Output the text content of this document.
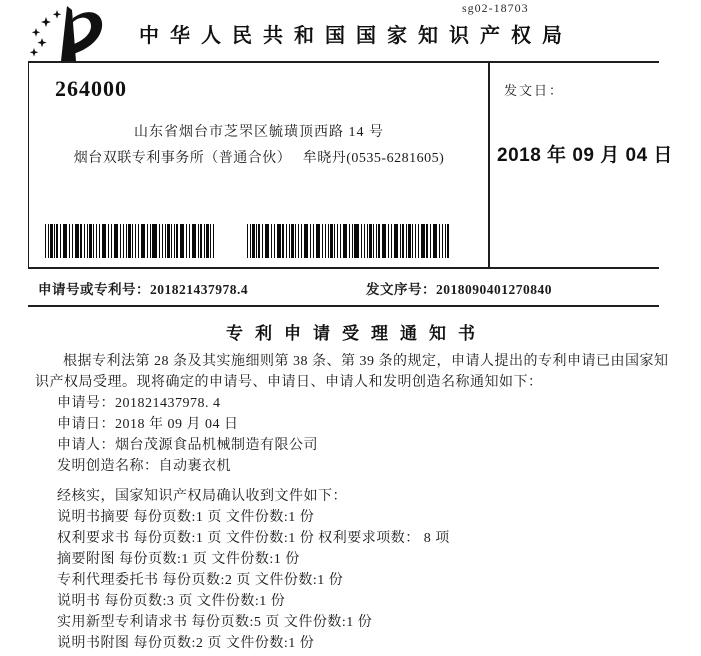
sg02-18703
中华人民共和国国家知识产权局
264000
山东省烟台市芝罘区毓璜顶西路 14 号
烟台双联专利事务所（普通合伙）　 牟晓丹(0535-6281605)
发文日：
2018 年 09 月 04 日
申请号或专利号：201821437978.4	发文序号：2018090401270840
专利申请受理通知书
根据专利法第 28 条及其实施细则第 38 条、第 39 条的规定，申请人提出的专利申请已由国家知识产权局受理。现将确定的申请号、申请日、申请人和发明创造名称通知如下：
申请号：201821437978. 4
申请日：2018 年 09 月 04 日
申请人：烟台茂源食品机械制造有限公司
发明创造名称：自动裹衣机
经核实，国家知识产权局确认收到文件如下：
说明书摘要 每份页数:1 页 文件份数:1 份
权利要求书 每份页数:1 页 文件份数:1 份 权利要求项数： 8 项
摘要附图 每份页数:1 页 文件份数:1 份
专利代理委托书 每份页数:2 页 文件份数:1 份
说明书 每份页数:3 页 文件份数:1 份
实用新型专利请求书 每份页数:5 页 文件份数:1 份
说明书附图 每份页数:2 页 文件份数:1 份
